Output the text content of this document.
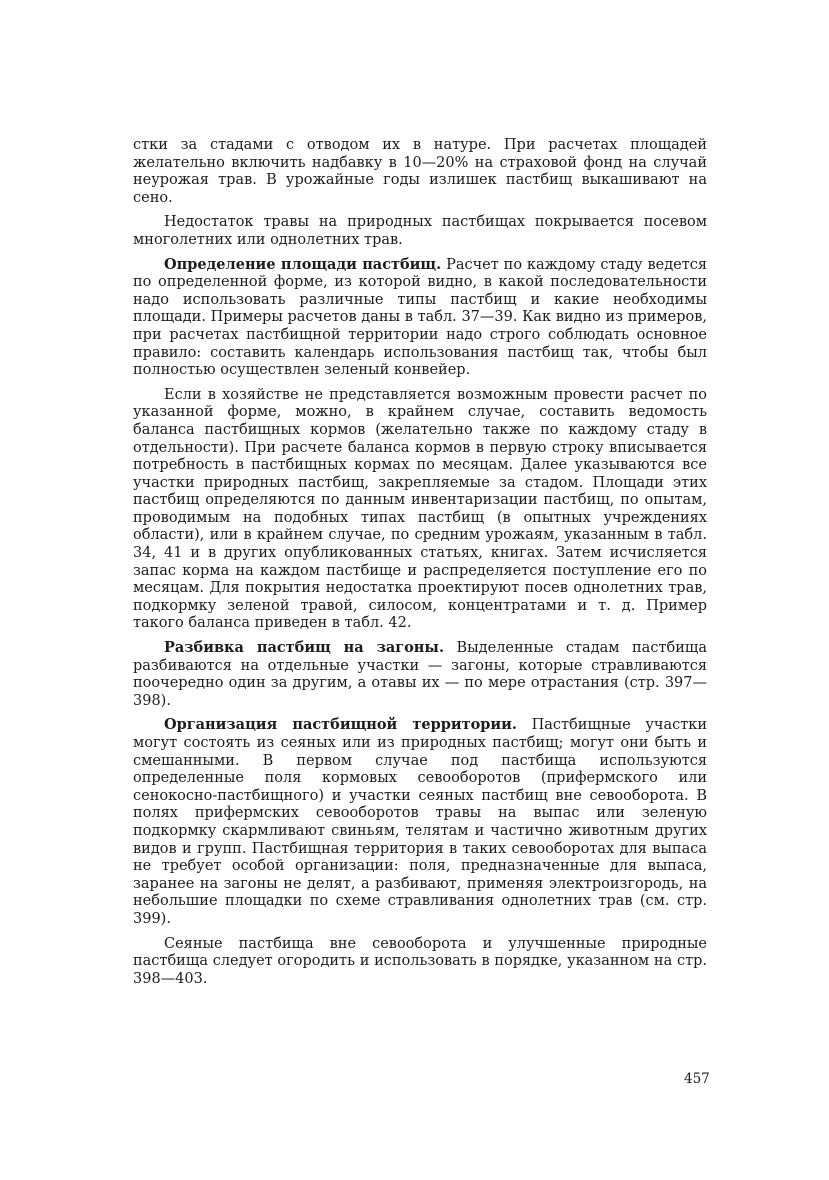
стки за стадами с отводом их в натуре. При расчетах площадей желательно включить надбавку в 10—20% на страховой фонд на случай неурожая трав. В урожайные годы излишек пастбищ выкашивают на сено.

Недостаток травы на природных пастбищах покрывается посевом многолетних или однолетних трав.

Определение площади пастбищ. Расчет по каждому стаду ведется по определенной форме, из которой видно, в какой последовательности надо использовать различные типы пастбищ и какие необходимы площади. Примеры расчетов даны в табл. 37—39. Как видно из примеров, при расчетах пастбищной территории надо строго соблюдать основное правило: составить календарь использования пастбищ так, чтобы был полностью осуществлен зеленый конвейер.

Если в хозяйстве не представляется возможным провести расчет по указанной форме, можно, в крайнем случае, составить ведомость баланса пастбищных кормов (желательно также по каждому стаду в отдельности). При расчете баланса кормов в первую строку вписывается потребность в пастбищных кормах по месяцам. Далее указываются все участки природных пастбищ, закрепляемые за стадом. Площади этих пастбищ определяются по данным инвентаризации пастбищ, по опытам, проводимым на подобных типах пастбищ (в опытных учреждениях области), или в крайнем случае, по средним урожаям, указанным в табл. 34, 41 и в других опубликованных статьях, книгах. Затем исчисляется запас корма на каждом пастбище и распределяется поступление его по месяцам. Для покрытия недостатка проектируют посев однолетних трав, подкормку зеленой травой, силосом, концентратами и т. д. Пример такого баланса приведен в табл. 42.

Разбивка пастбищ на загоны. Выделенные стадам пастбища разбиваются на отдельные участки — загоны, которые стравливаются поочередно один за другим, а отавы их — по мере отрастания (стр. 397—398).

Организация пастбищной территории. Пастбищные участки могут состоять из сеяных или из природных пастбищ; могут они быть и смешанными. В первом случае под пастбища используются определенные поля кормовых севооборотов (прифермского или сенокосно-пастбищного) и участки сеяных пастбищ вне севооборота. В полях прифермских севооборотов травы на выпас или зеленую подкормку скармливают свиньям, телятам и частично животным других видов и групп. Пастбищная территория в таких севооборотах для выпаса не требует особой организации: поля, предназначенные для выпаса, заранее на загоны не делят, а разбивают, применяя электроизгородь, на небольшие площадки по схеме стравливания однолетних трав (см. стр. 399).

Сеяные пастбища вне севооборота и улучшенные природные пастбища следует огородить и использовать в порядке, указанном на стр. 398—403.

457
